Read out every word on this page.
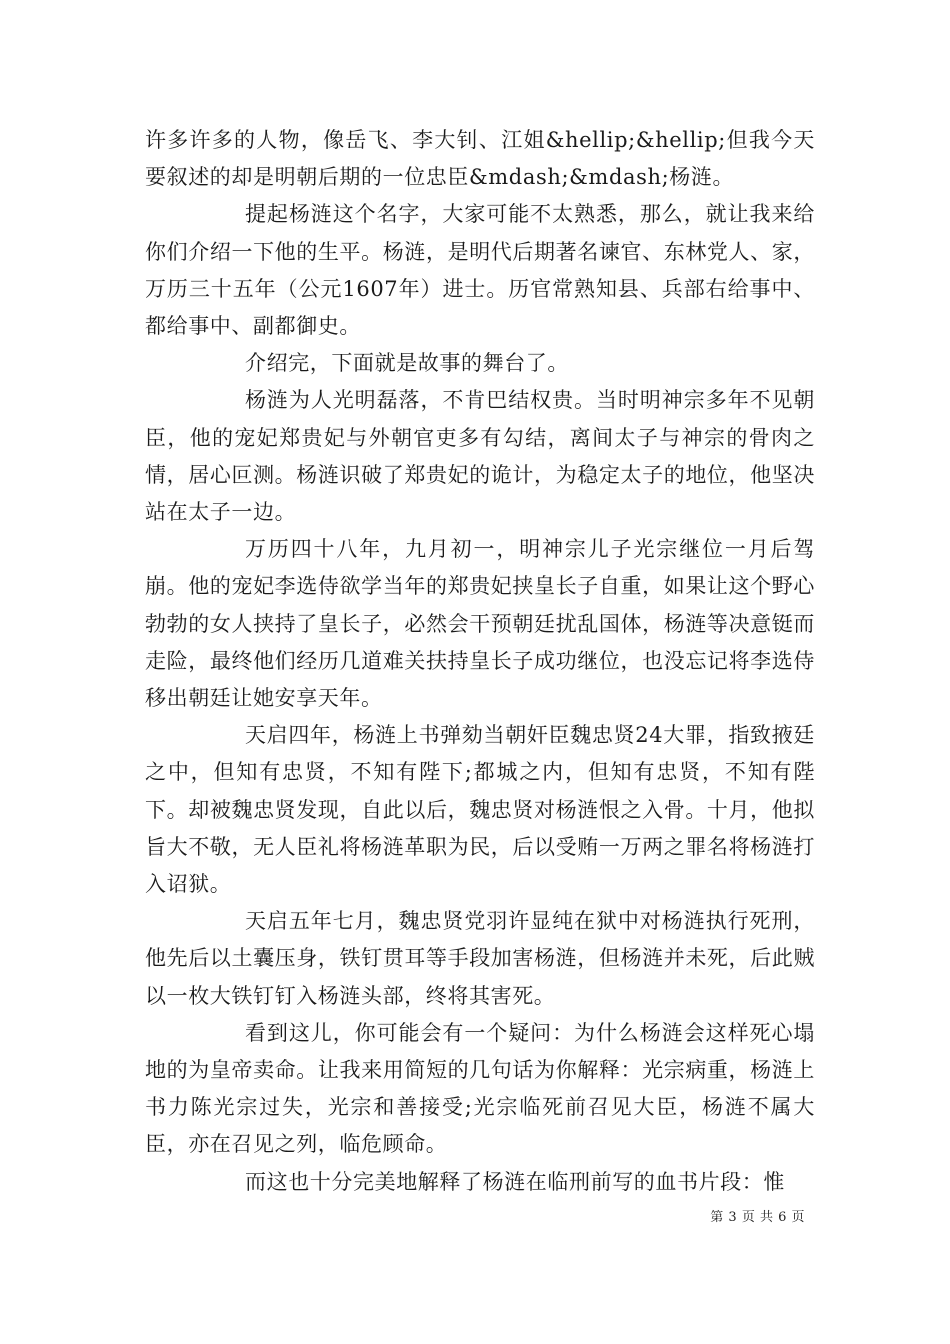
许多许多的人物，像岳飞、李大钊、江姐&hellip;&hellip;但我今天要叙述的却是明朝后期的一位忠臣&mdash;&mdash;杨涟。

提起杨涟这个名字，大家可能不太熟悉，那么，就让我来给你们介绍一下他的生平。杨涟，是明代后期著名谏官、东林党人、家，万历三十五年（公元1607年）进士。历官常熟知县、兵部右给事中、都给事中、副都御史。

介绍完，下面就是故事的舞台了。

杨涟为人光明磊落，不肯巴结权贵。当时明神宗多年不见朝臣，他的宠妃郑贵妃与外朝官吏多有勾结，离间太子与神宗的骨肉之情，居心叵测。杨涟识破了郑贵妃的诡计，为稳定太子的地位，他坚决站在太子一边。

万历四十八年，九月初一，明神宗儿子光宗继位一月后驾崩。他的宠妃李选侍欲学当年的郑贵妃挟皇长子自重，如果让这个野心勃勃的女人挟持了皇长子，必然会干预朝廷扰乱国体，杨涟等决意铤而走险，最终他们经历几道难关扶持皇长子成功继位，也没忘记将李选侍移出朝廷让她安享天年。

天启四年，杨涟上书弹劾当朝奸臣魏忠贤24大罪，指致掖廷之中，但知有忠贤，不知有陛下;都城之内，但知有忠贤，不知有陛下。却被魏忠贤发现，自此以后，魏忠贤对杨涟恨之入骨。十月，他拟旨大不敬，无人臣礼将杨涟革职为民，后以受贿一万两之罪名将杨涟打入诏狱。

天启五年七月，魏忠贤党羽许显纯在狱中对杨涟执行死刑，他先后以土囊压身，铁钉贯耳等手段加害杨涟，但杨涟并未死，后此贼以一枚大铁钉钉入杨涟头部，终将其害死。

看到这儿，你可能会有一个疑问：为什么杨涟会这样死心塌地的为皇帝卖命。让我来用简短的几句话为你解释：光宗病重，杨涟上书力陈光宗过失，光宗和善接受;光宗临死前召见大臣，杨涟不属大臣，亦在召见之列，临危顾命。

而这也十分完美地解释了杨涟在临刑前写的血书片段：惟

第 3 页 共 6 页
